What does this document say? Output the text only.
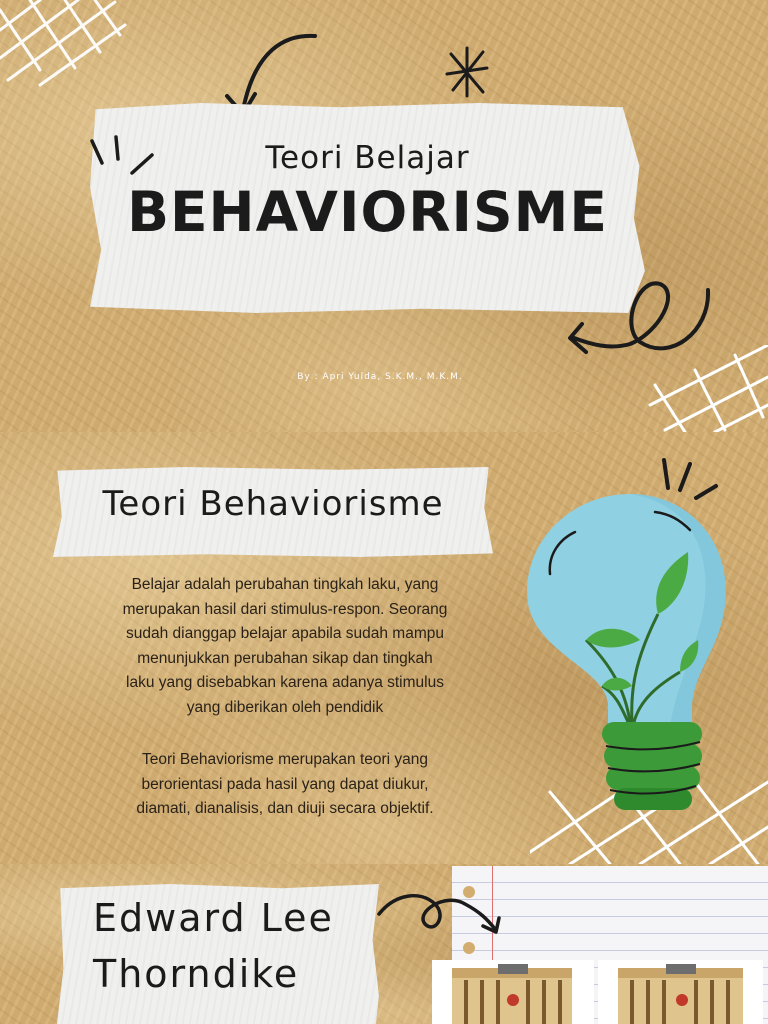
Teori Belajar
BEHAVIORISME
By : Apri Yulda, S.K.M., M.K.M.
Teori Behaviorisme

Belajar adalah perubahan tingkah laku, yang

merupakan hasil dari stimulus-respon. Seorang

sudah dianggap belajar apabila sudah mampu

menunjukkan perubahan sikap dan tingkah

laku yang disebabkan karena adanya stimulus

yang diberikan oleh pendidik

Teori Behaviorisme merupakan teori yang

berorientasi pada hasil yang dapat diukur,

diamati, dianalisis, dan diuji secara objektif.

Edward Lee
Thorndike
